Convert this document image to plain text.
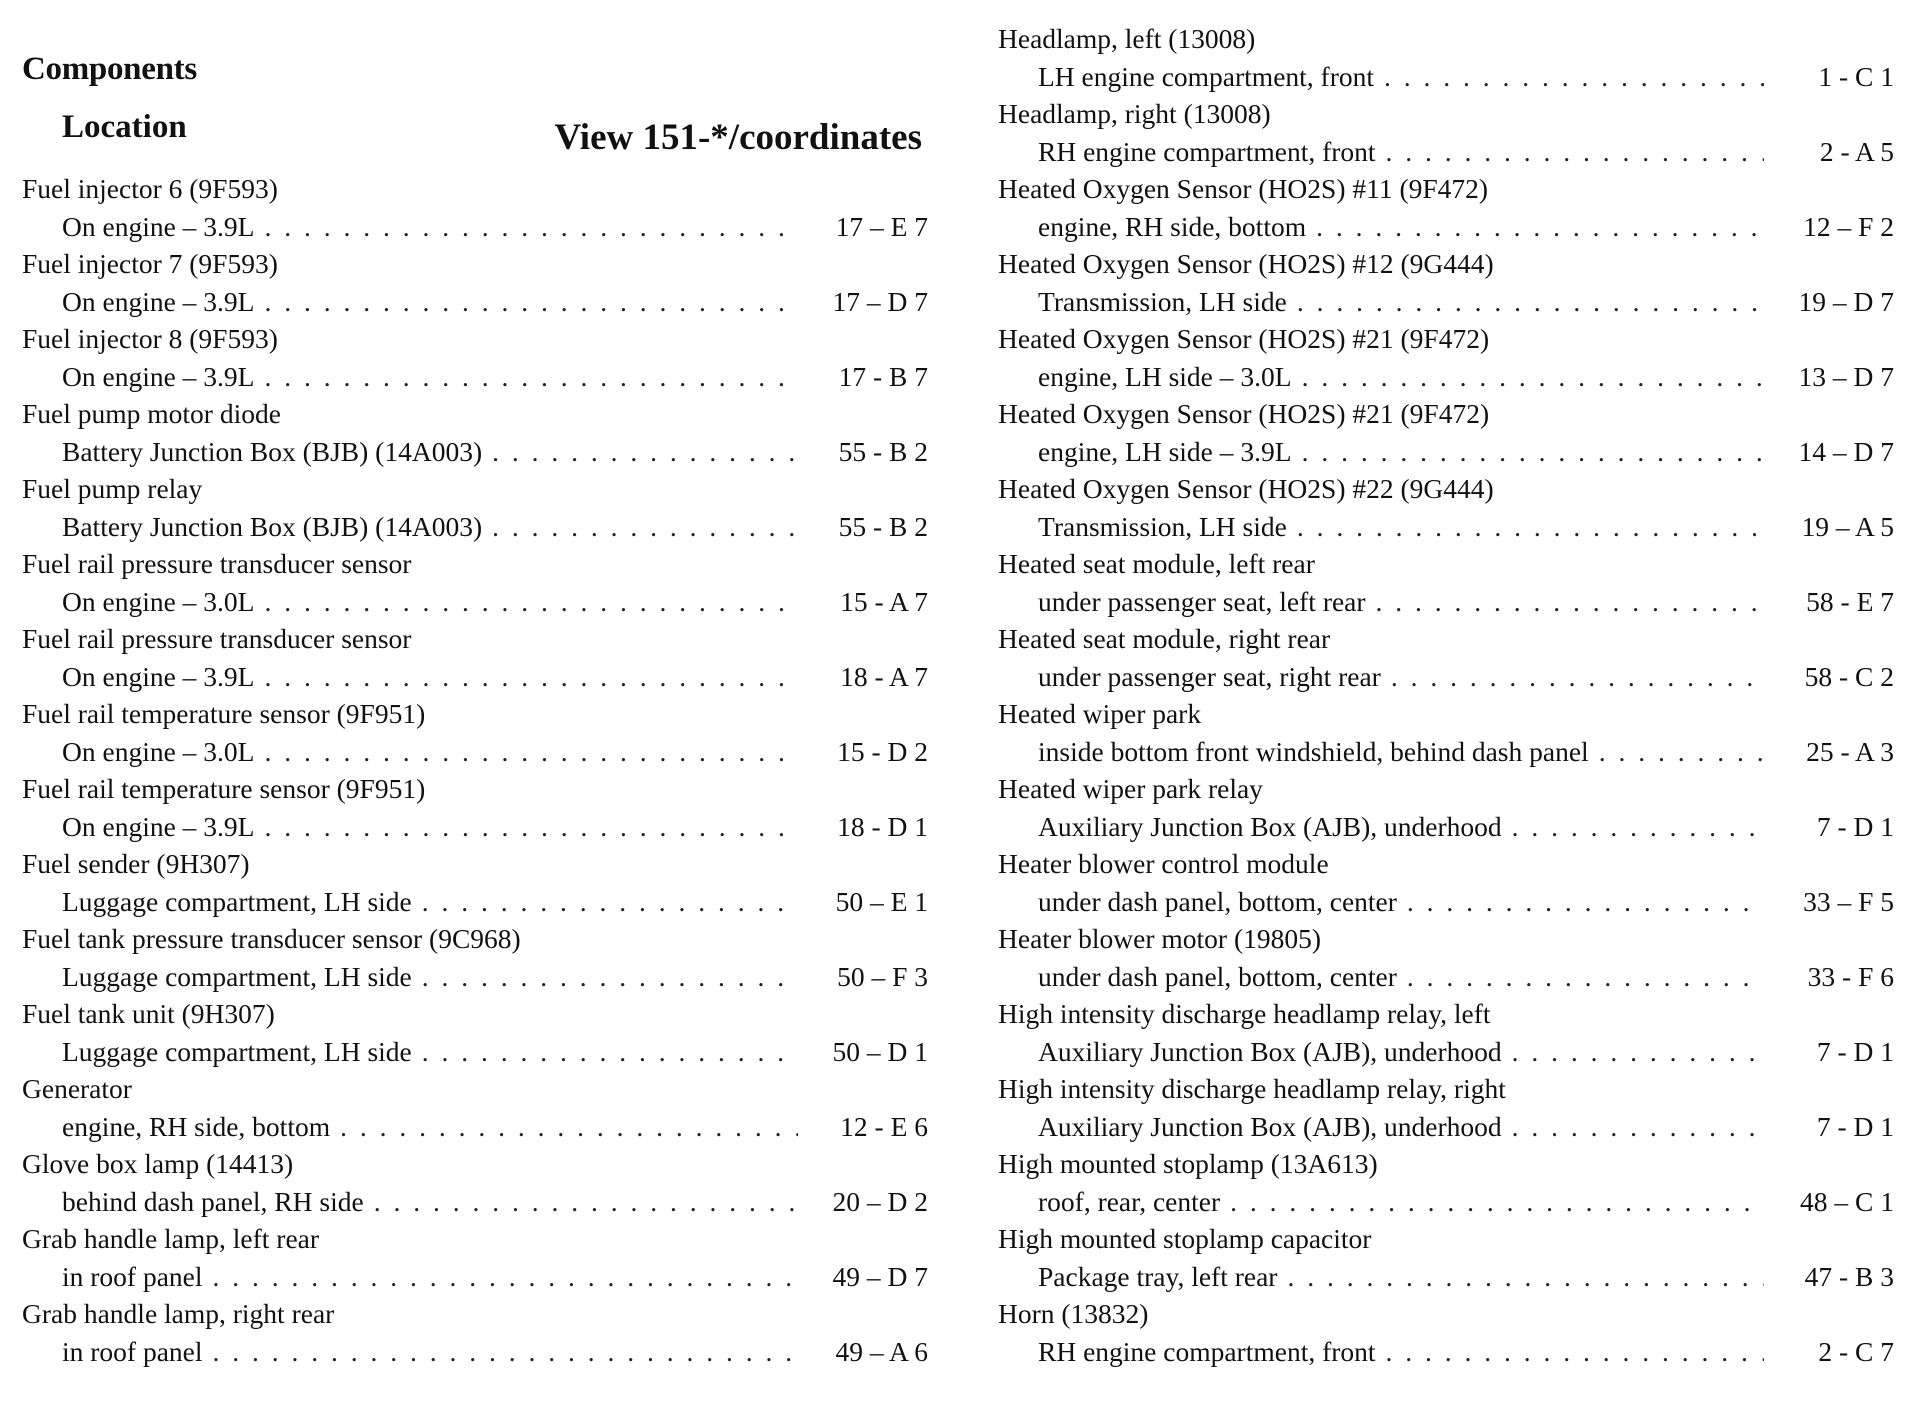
Components
Location	View 151-*/coordinates
Fuel injector 6 (9F593)
On engine – 3.9L . . .	17 – E 7
Fuel injector 7 (9F593)
On engine – 3.9L . . .	17 – D 7
Fuel injector 8 (9F593)
On engine – 3.9L . . .	17 - B 7
Fuel pump motor diode
Battery Junction Box (BJB) (14A003) . . .	55 - B 2
Fuel pump relay
Battery Junction Box (BJB) (14A003) . . .	55 - B 2
Fuel rail pressure transducer sensor
On engine – 3.0L . . .	15 - A 7
Fuel rail pressure transducer sensor
On engine – 3.9L . . .	18 - A 7
Fuel rail temperature sensor (9F951)
On engine – 3.0L . . .	15 - D 2
Fuel rail temperature sensor (9F951)
On engine – 3.9L . . .	18 - D 1
Fuel sender (9H307)
Luggage compartment, LH side . . .	50 – E 1
Fuel tank pressure transducer sensor (9C968)
Luggage compartment, LH side . . .	50 – F 3
Fuel tank unit (9H307)
Luggage compartment, LH side . . .	50 – D 1
Generator
engine, RH side, bottom . . .	12 - E 6
Glove box lamp (14413)
behind dash panel, RH side . . .	20 – D 2
Grab handle lamp, left rear
in roof panel . . .	49 – D 7
Grab handle lamp, right rear
in roof panel . . .	49 – A 6
Headlamp, left (13008)
LH engine compartment, front . . .	1 - C 1
Headlamp, right (13008)
RH engine compartment, front . . .	2 - A 5
Heated Oxygen Sensor (HO2S) #11 (9F472)
engine, RH side, bottom . . .	12 – F 2
Heated Oxygen Sensor (HO2S) #12 (9G444)
Transmission, LH side . . .	19 – D 7
Heated Oxygen Sensor (HO2S) #21 (9F472)
engine, LH side – 3.0L . . .	13 – D 7
Heated Oxygen Sensor (HO2S) #21 (9F472)
engine, LH side – 3.9L . . .	14 – D 7
Heated Oxygen Sensor (HO2S) #22 (9G444)
Transmission, LH side . . .	19 – A 5
Heated seat module, left rear
under passenger seat, left rear . . .	58 - E 7
Heated seat module, right rear
under passenger seat, right rear . . .	58 - C 2
Heated wiper park
inside bottom front windshield, behind dash panel . . .	25 - A 3
Heated wiper park relay
Auxiliary Junction Box (AJB), underhood . . .	7 - D 1
Heater blower control module
under dash panel, bottom, center . . .	33 – F 5
Heater blower motor (19805)
under dash panel, bottom, center . . .	33 - F 6
High intensity discharge headlamp relay, left
Auxiliary Junction Box (AJB), underhood . . .	7 - D 1
High intensity discharge headlamp relay, right
Auxiliary Junction Box (AJB), underhood . . .	7 - D 1
High mounted stoplamp (13A613)
roof, rear, center . . .	48 – C 1
High mounted stoplamp capacitor
Package tray, left rear . . .	47 - B 3
Horn (13832)
RH engine compartment, front . . .	2 - C 7
